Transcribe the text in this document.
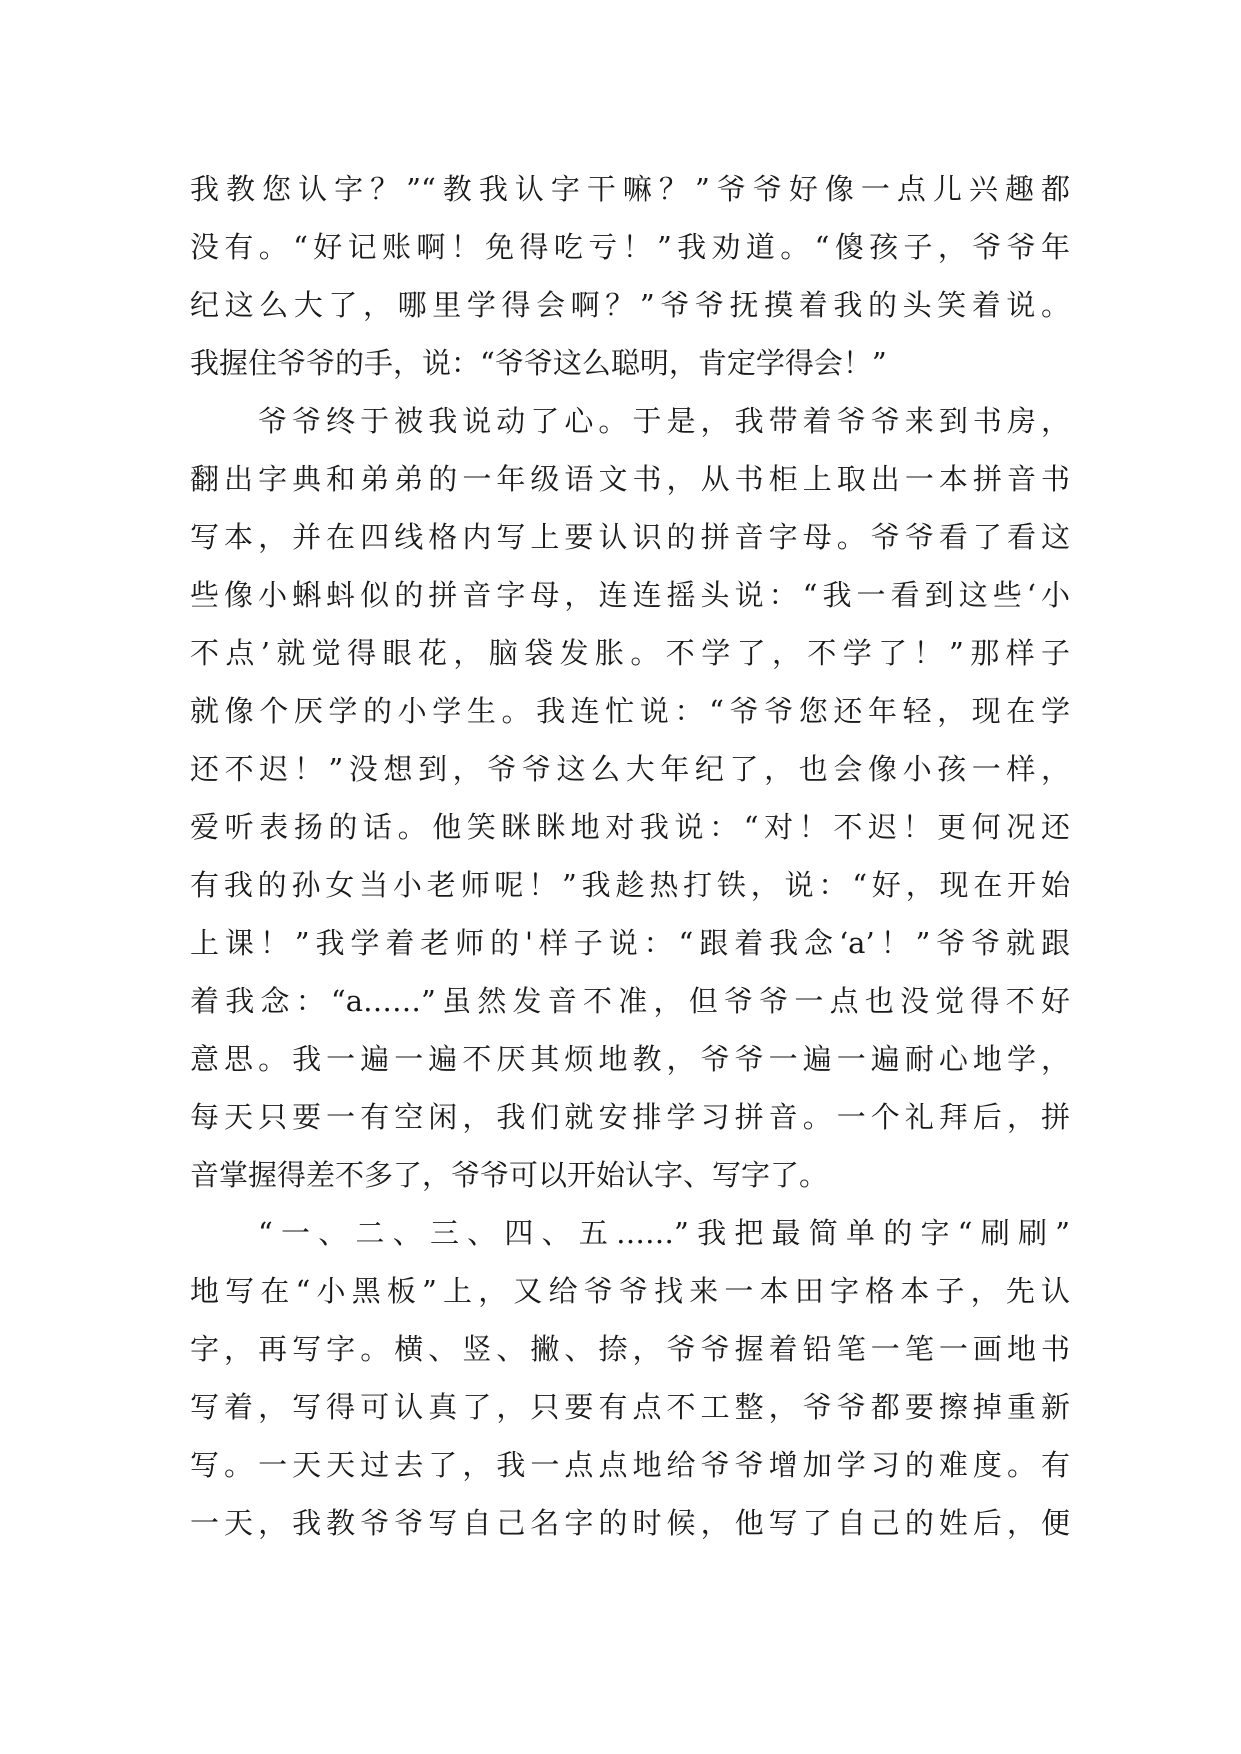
我教您认字？”“教我认字干嘛？”爷爷好像一点儿兴趣都
没有。“好记账啊！免得吃亏！”我劝道。“傻孩子，爷爷年
纪这么大了，哪里学得会啊？”爷爷抚摸着我的头笑着说。
我握住爷爷的手，说：“爷爷这么聪明，肯定学得会！”
爷爷终于被我说动了心。于是，我带着爷爷来到书房，
翻出字典和弟弟的一年级语文书，从书柜上取出一本拼音书
写本，并在四线格内写上要认识的拼音字母。爷爷看了看这
些像小蝌蚪似的拼音字母，连连摇头说：“我一看到这些‘小
不点’就觉得眼花，脑袋发胀。不学了，不学了！”那样子
就像个厌学的小学生。我连忙说：“爷爷您还年轻，现在学
还不迟！”没想到，爷爷这么大年纪了，也会像小孩一样，
爱听表扬的话。他笑眯眯地对我说：“对！不迟！更何况还
有我的孙女当小老师呢！”我趁热打铁，说：“好，现在开始
上课！”我学着老师的'样子说：“跟着我念‘a’！”爷爷就跟
着我念：“a……”虽然发音不准，但爷爷一点也没觉得不好
意思。我一遍一遍不厌其烦地教，爷爷一遍一遍耐心地学，
每天只要一有空闲，我们就安排学习拼音。一个礼拜后，拼
音掌握得差不多了，爷爷可以开始认字、写字了。
“一、二、三、四、五……”我把最简单的字“刷刷”
地写在“小黑板”上，又给爷爷找来一本田字格本子，先认
字，再写字。横、竖、撇、捺，爷爷握着铅笔一笔一画地书
写着，写得可认真了，只要有点不工整，爷爷都要擦掉重新
写。一天天过去了，我一点点地给爷爷增加学习的难度。有
一天，我教爷爷写自己名字的时候，他写了自己的姓后，便
